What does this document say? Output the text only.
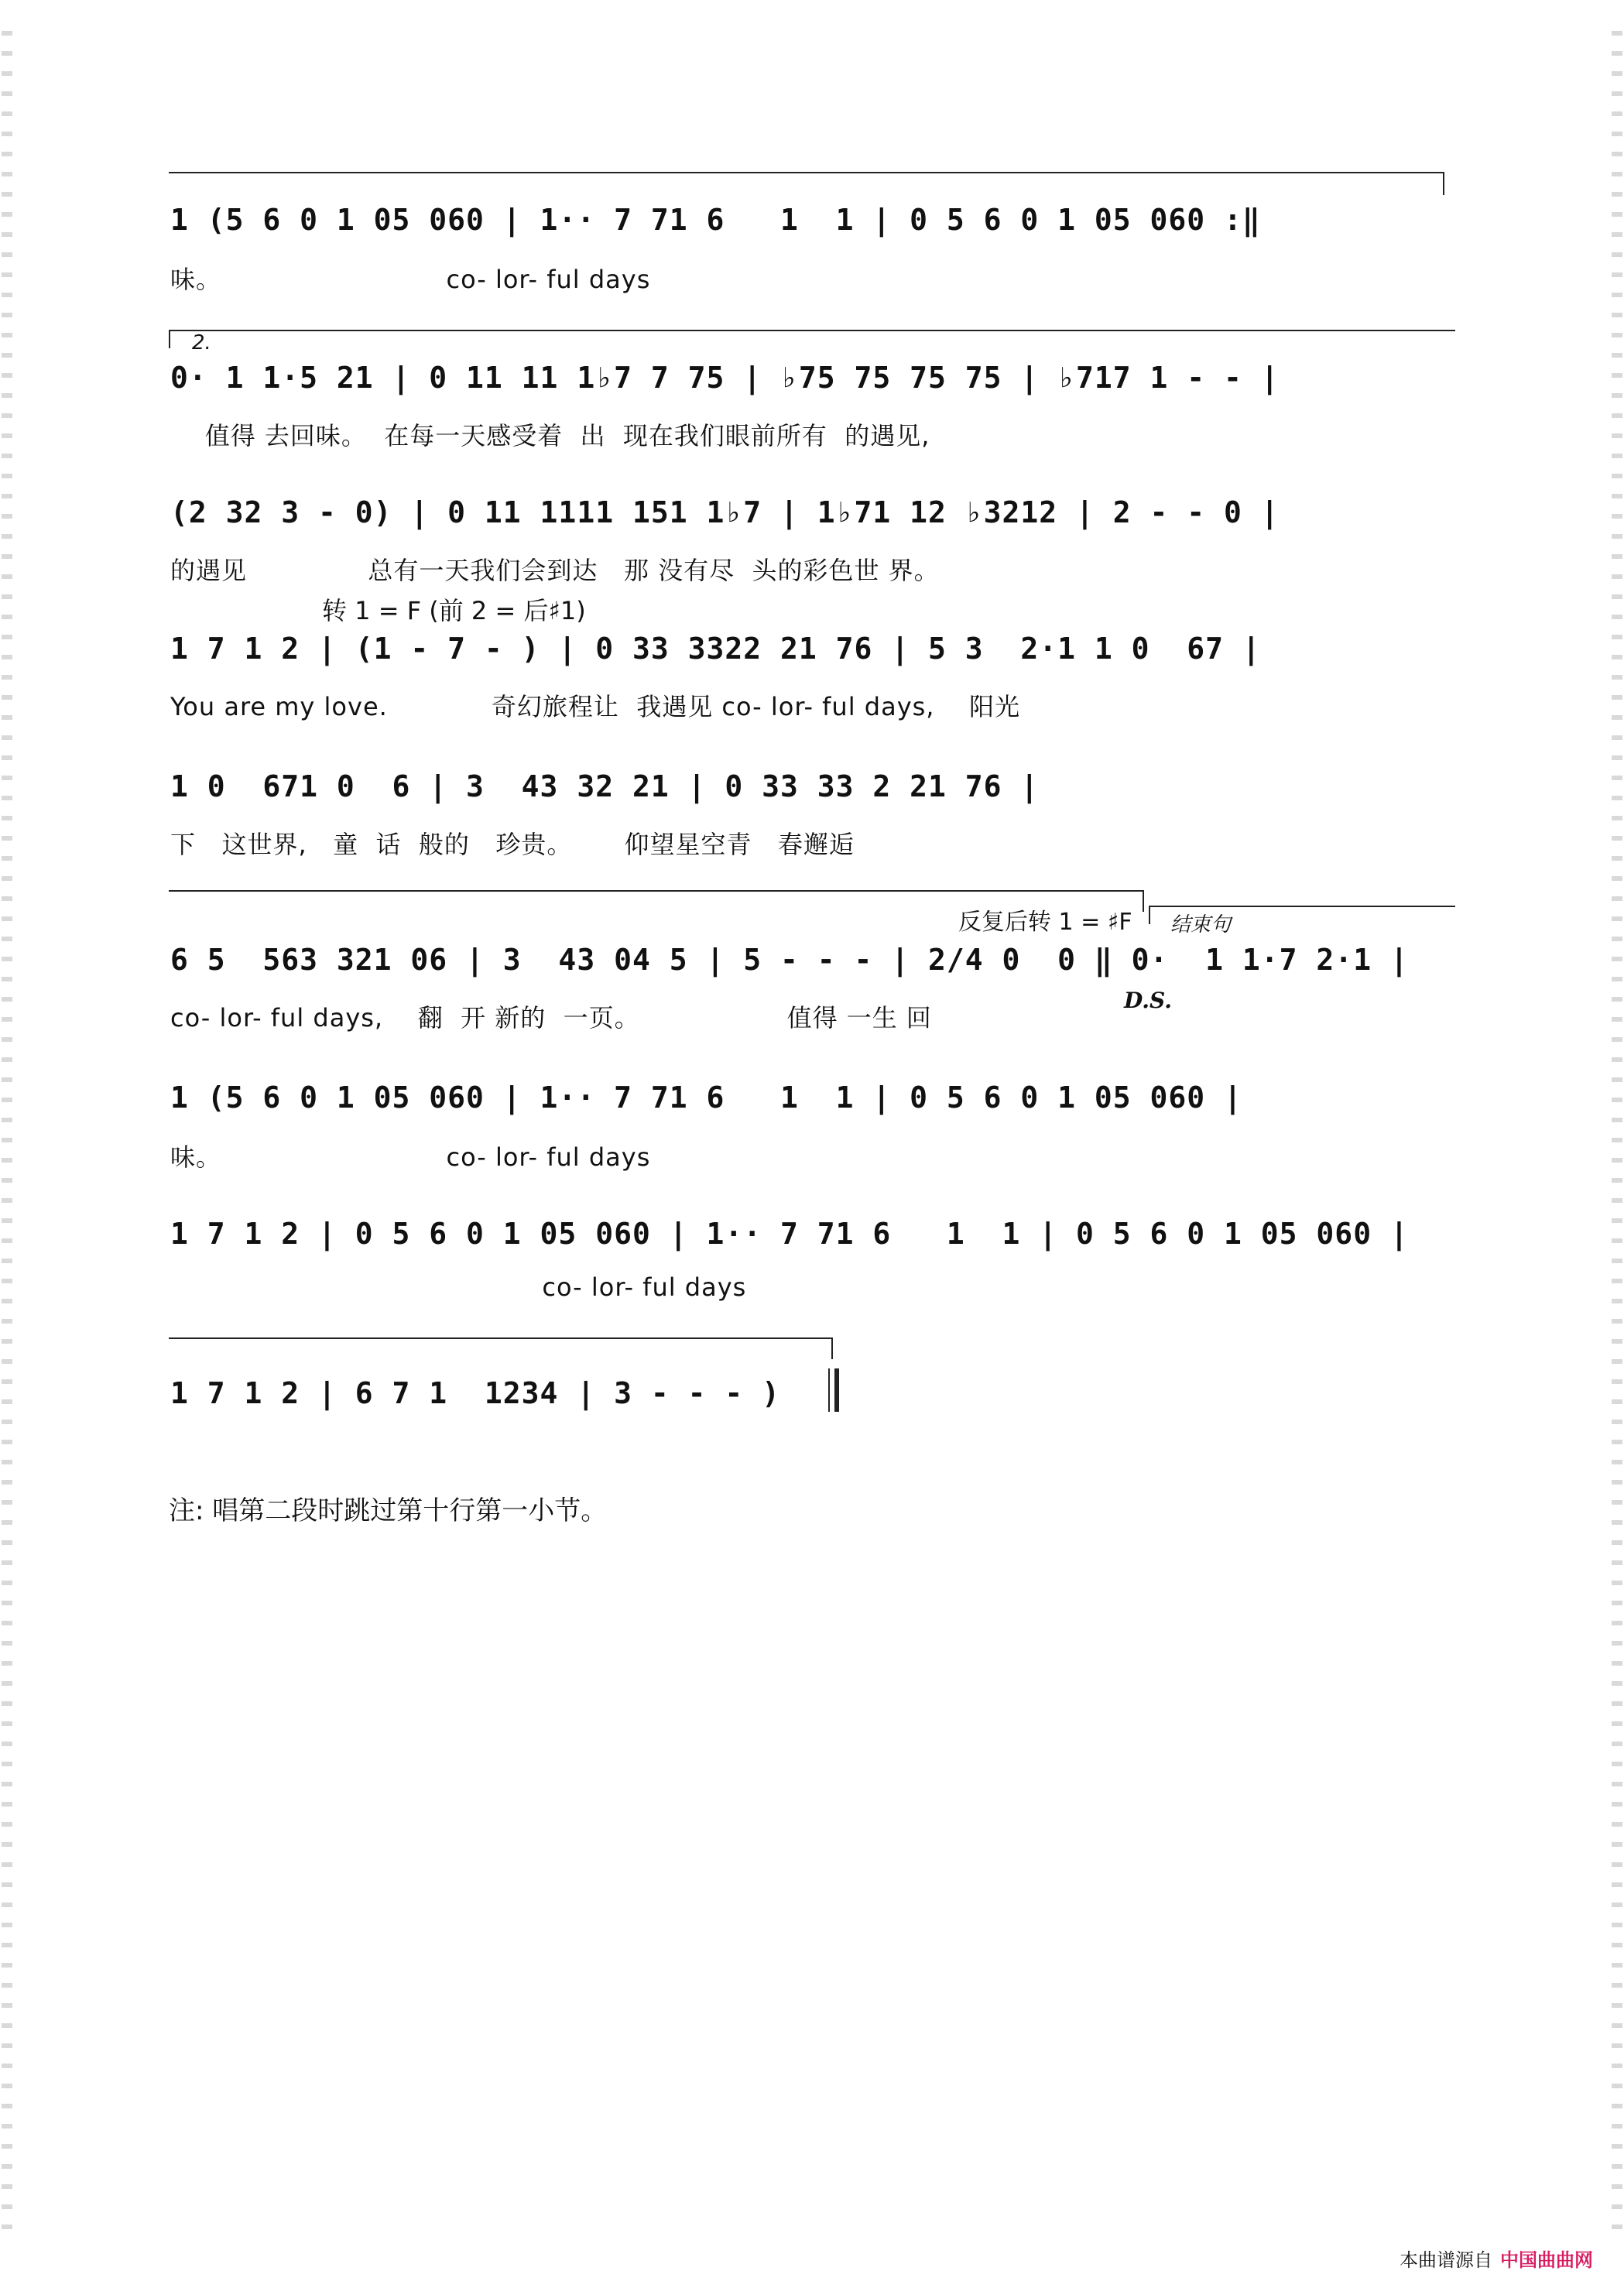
1 (5 6 0 1 05 060 | 1·· 7 71 6   1  1 | 0 5 6 0 1 05 060 :‖
味。                          co- lor- ful days
2.
0· 1 1·5 21 | 0 11 11 1♭7 7 75 | ♭75 75 75 75 | ♭717 1 - - |
值得 去回味。  在每一天感受着  出  现在我们眼前所有  的遇见,
(2 32 3 - 0) | 0 11 1111 151 1♭7 | 1♭71 12 ♭3212 | 2 - - 0 |
的遇见              总有一天我们会到达   那 没有尽  头的彩色世 界。
转 1 = F (前 2 = 后♯1)
1 7 1 2 | (1 - 7 - ) | 0 33 3322 21 76 | 5 3  2·1 1 0  67 |
You are my love.            奇幻旅程让  我遇见 co- lor- ful days,    阳光
1 0  671 0  6 | 3  43 32 21 | 0 33 33 2 21 76 |
下   这世界,   童  话  般的   珍贵。      仰望星空青   春邂逅
反复后转 1 = ♯F 结束句
6 5  563 321 06 | 3  43 04 5 | 5 - - - | 2/4 0  0 ‖ 0·  1 1·7 2·1 |
D.S.
co- lor- ful days,    翻  开 新的  一页。                 值得 一生 回
1 (5 6 0 1 05 060 | 1·· 7 71 6   1  1 | 0 5 6 0 1 05 060 |
味。                          co- lor- ful days
1 7 1 2 | 0 5 6 0 1 05 060 | 1·· 7 71 6   1  1 | 0 5 6 0 1 05 060 |
co- lor- ful days
1 7 1 2 | 6 7 1  1234 | 3 - - - )
注: 唱第二段时跳过第十行第一小节。
本曲谱源自 中国曲曲网
